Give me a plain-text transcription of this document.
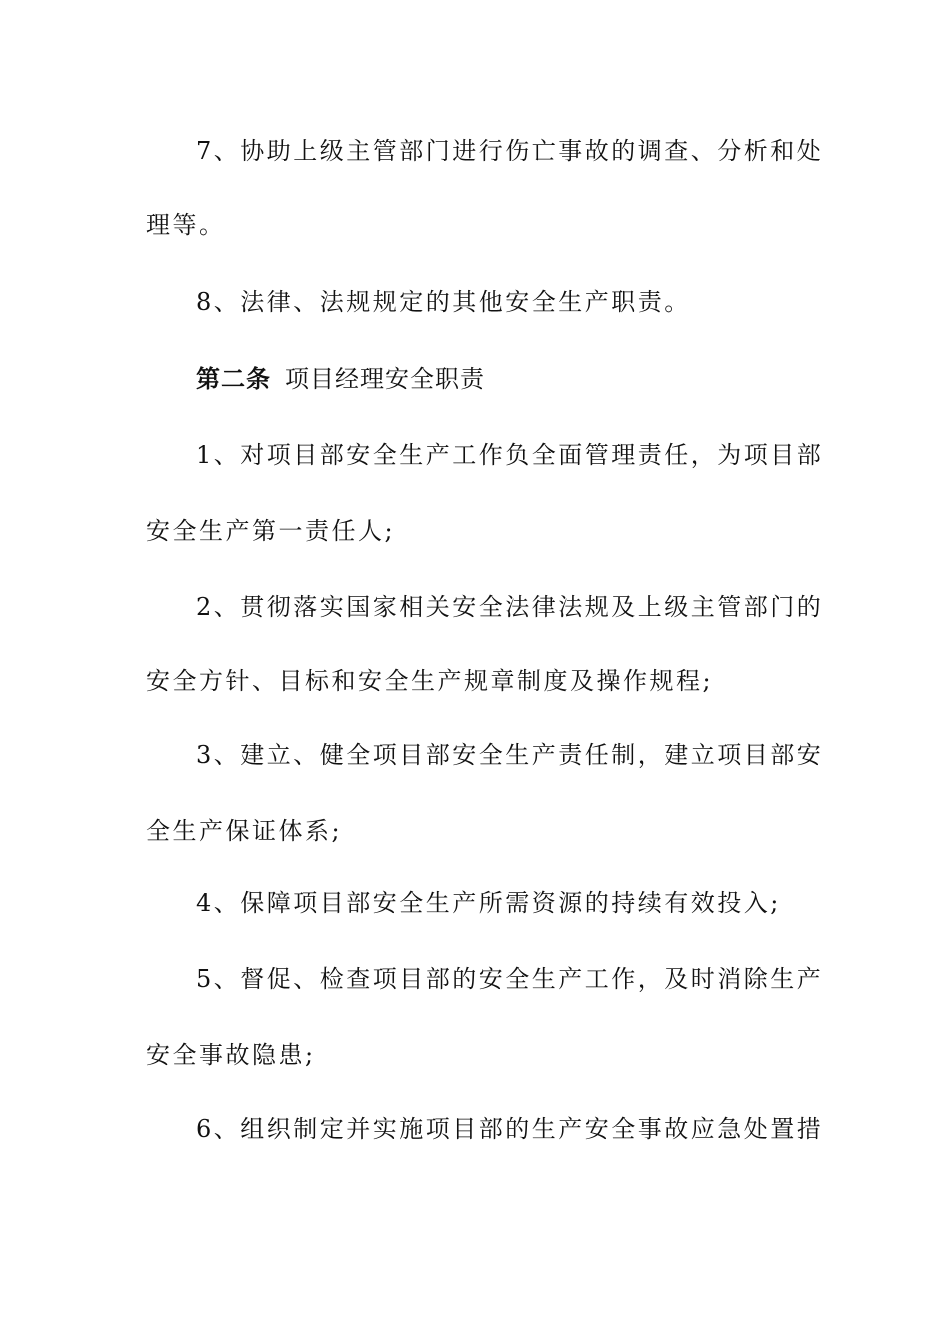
7、协助上级主管部门进行伤亡事故的调查、分析和处
理等。
8、法律、法规规定的其他安全生产职责。
第二条 项目经理安全职责
1、对项目部安全生产工作负全面管理责任，为项目部
安全生产第一责任人;
2、贯彻落实国家相关安全法律法规及上级主管部门的
安全方针、目标和安全生产规章制度及操作规程;
3、建立、健全项目部安全生产责任制，建立项目部安
全生产保证体系;
4、保障项目部安全生产所需资源的持续有效投入;
5、督促、检查项目部的安全生产工作，及时消除生产
安全事故隐患;
6、组织制定并实施项目部的生产安全事故应急处置措
